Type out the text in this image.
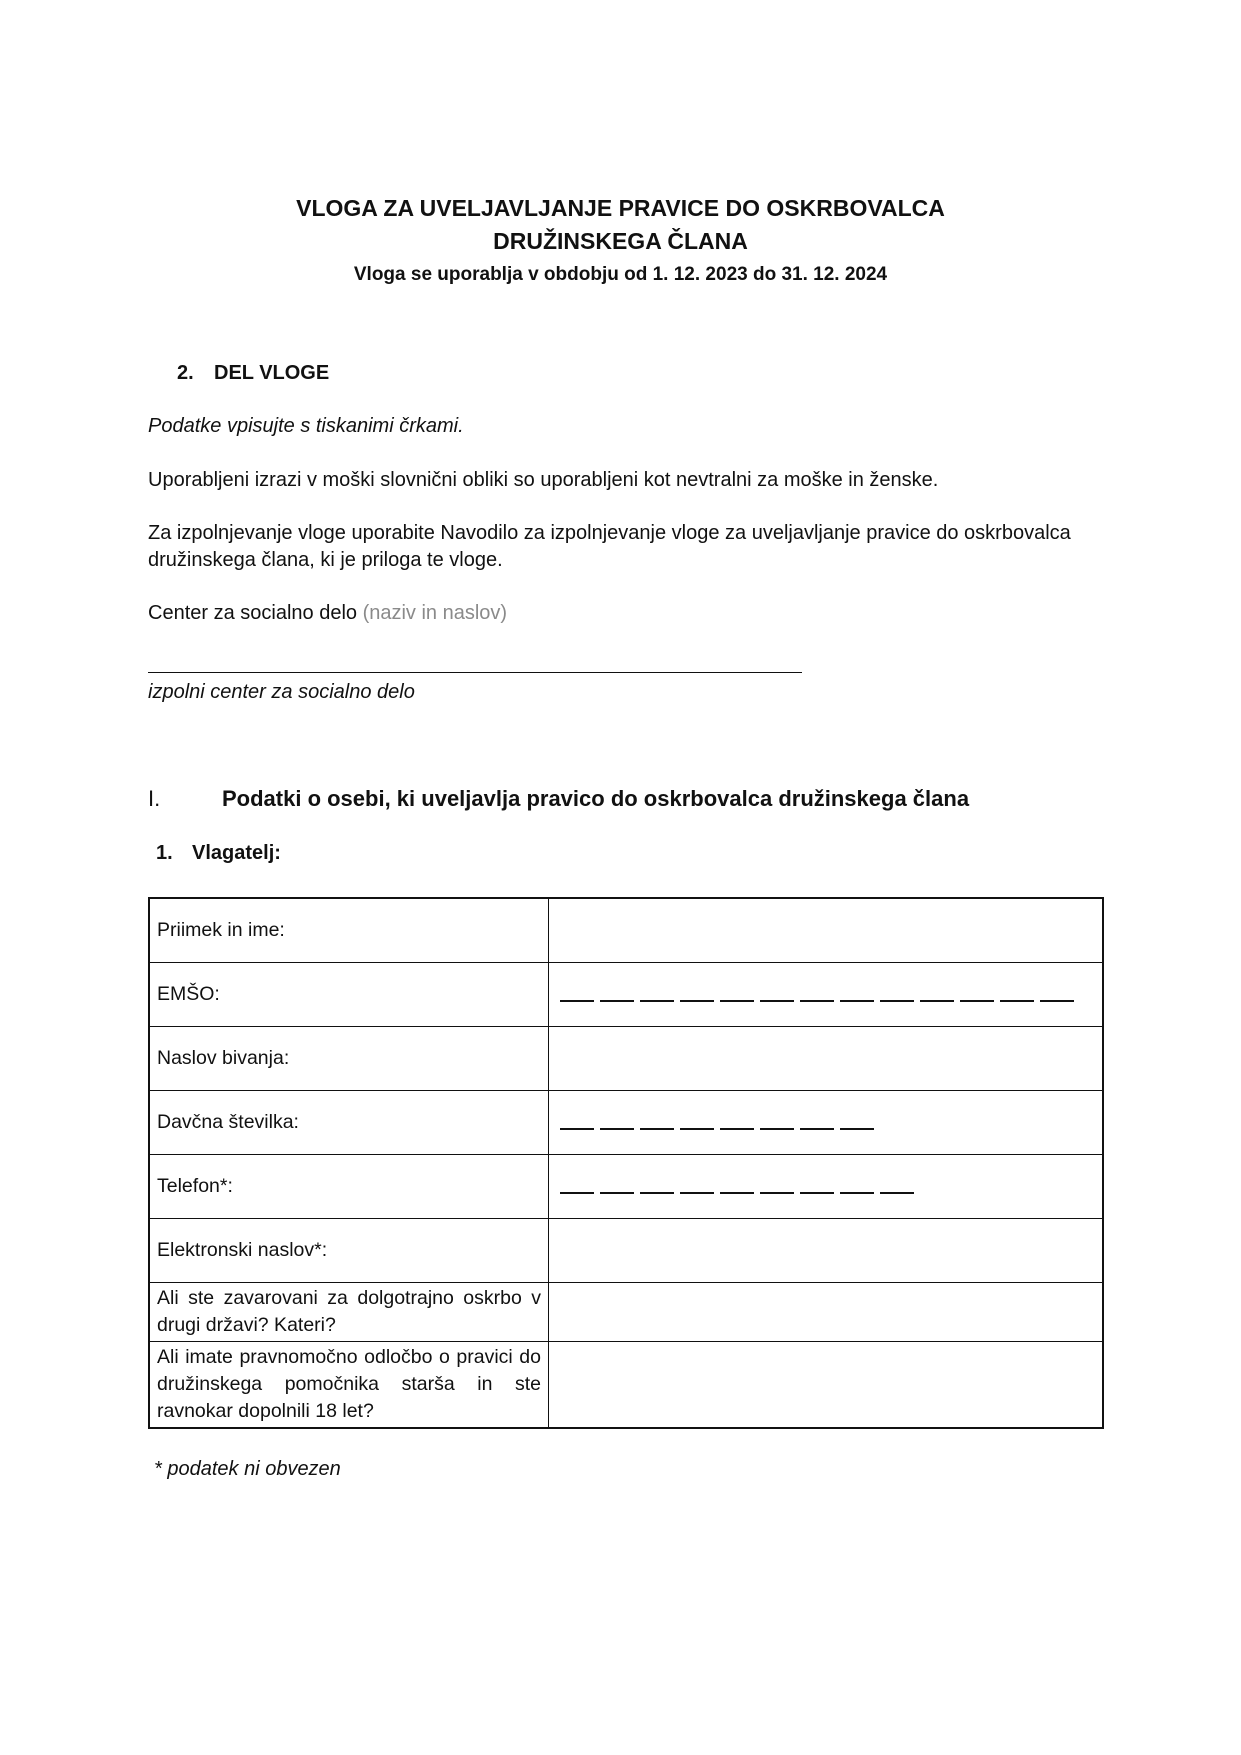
VLOGA ZA UVELJAVLJANJE PRAVICE DO OSKRBOVALCA
DRUŽINSKEGA ČLANA
Vloga se uporablja v obdobju od 1. 12. 2023 do 31. 12. 2024
2. DEL VLOGE
Podatke vpisujte s tiskanimi črkami.
Uporabljeni izrazi v moški slovnični obliki so uporabljeni kot nevtralni za moške in ženske.
Za izpolnjevanje vloge uporabite Navodilo za izpolnjevanje vloge za uveljavljanje pravice do oskrbovalca družinskega člana, ki je priloga te vloge.
Center za socialno delo (naziv in naslov)
izpolni center za socialno delo
I.	Podatki o osebi, ki uveljavlja pravico do oskrbovalca družinskega člana
1. Vlagatelj:
Priimek in ime:	
EMŠO:	

Naslov bivanja:	
Davčna številka:	

Telefon*:	

Elektronski naslov*:	
Ali ste zavarovani za dolgotrajno oskrbo v drugi državi? Kateri?	
Ali imate pravnomočno odločbo o pravici do družinskega pomočnika starša in ste ravnokar dopolnili 18 let?	
* podatek ni obvezen
